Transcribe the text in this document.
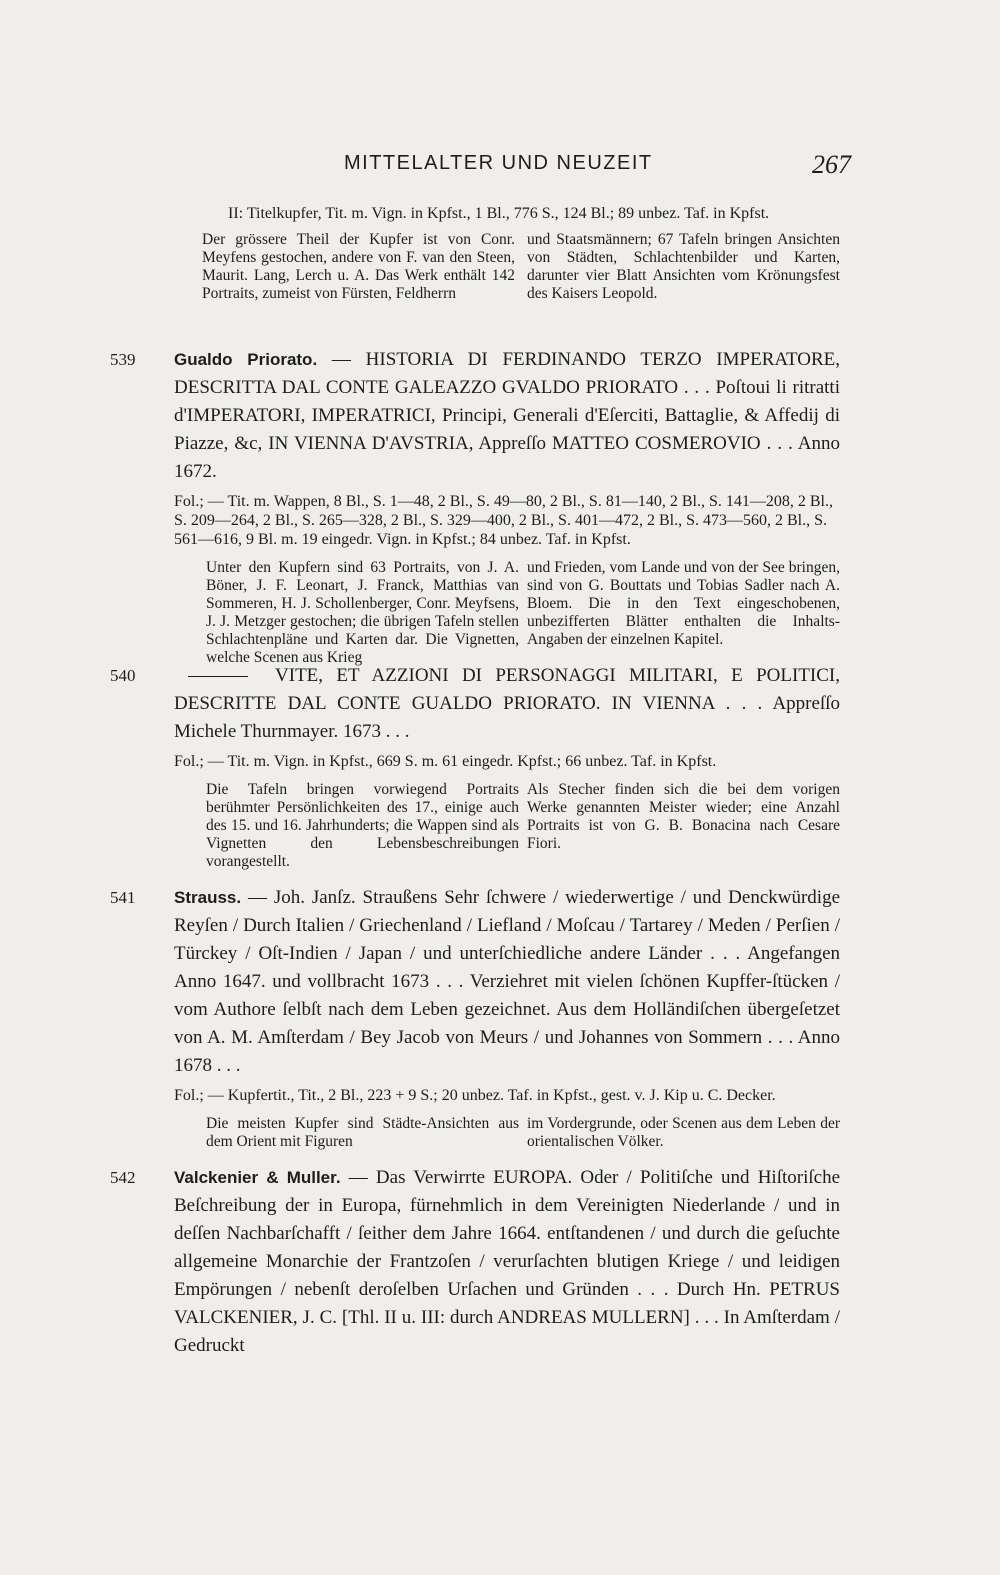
MITTELALTER UND NEUZEIT	267
II: Titelkupfer, Tit. m. Vign. in Kpfst., 1 Bl., 776 S., 124 Bl.; 89 unbez. Taf. in Kpfst.
Der grössere Theil der Kupfer ist von Conr. Meyfens gestochen, andere von F. van den Steen, Maurit. Lang, Lerch u. A. Das Werk enthält 142 Portraits, zumeist von Fürsten, Feldherrn
und Staatsmännern; 67 Tafeln bringen Ansichten von Städten, Schlachtenbilder und Karten, darunter vier Blatt Ansichten vom Krönungsfest des Kaisers Leopold.
539 Gualdo Priorato. — HISTORIA DI FERDINANDO TERZO IMPERATORE, DESCRITTA DAL CONTE GALEAZZO GVALDO PRIORATO . . . Poſtoui li ritratti d'IMPERATORI, IMPERATRICI, Principi, Generali d'Eſerciti, Battaglie, & Affedij di Piazze, &c, IN VIENNA D'AVSTRIA, Appreſſo MATTEO COSMEROVIO . . . Anno 1672.
Fol.; — Tit. m. Wappen, 8 Bl., S. 1—48, 2 Bl., S. 49—80, 2 Bl., S. 81—140, 2 Bl., S. 141—208, 2 Bl., S. 209—264, 2 Bl., S. 265—328, 2 Bl., S. 329—400, 2 Bl., S. 401—472, 2 Bl., S. 473—560, 2 Bl., S. 561—616, 9 Bl. m. 19 eingedr. Vign. in Kpfst.; 84 unbez. Taf. in Kpfst.
Unter den Kupfern sind 63 Portraits, von J. A. Böner, J. F. Leonart, J. Franck, Matthias van Sommeren, H. J. Schollenberger, Conr. Meyfsens, J. J. Metzger gestochen; die übrigen Tafeln stellen Schlachtenpläne und Karten dar. Die Vignetten, welche Scenen aus Krieg
und Frieden, vom Lande und von der See bringen, sind von G. Bouttats und Tobias Sadler nach A. Bloem. Die in den Text eingeschobenen, unbezifferten Blätter enthalten die Inhalts-Angaben der einzelnen Kapitel.
540	VITE, ET AZZIONI DI PERSONAGGI MILITARI, E POLITICI, DESCRITTE DAL CONTE GUALDO PRIORATO. IN VIENNA . . . Appreſſo Michele Thurnmayer. 1673 . . .
Fol.; — Tit. m. Vign. in Kpfst., 669 S. m. 61 eingedr. Kpfst.; 66 unbez. Taf. in Kpfst.
Die Tafeln bringen vorwiegend Portraits berühmter Persönlichkeiten des 17., einige auch des 15. und 16. Jahrhunderts; die Wappen sind als Vignetten den Lebensbeschreibungen vorangestellt.
Als Stecher finden sich die bei dem vorigen Werke genannten Meister wieder; eine Anzahl Portraits ist von G. B. Bonacina nach Cesare Fiori.
541 Strauss. — Joh. Janſz. Straußens Sehr ſchwere / wiederwertige / und Denckwürdige Reyſen / Durch Italien / Griechenland / Liefland / Moſcau / Tartarey / Meden / Perſien / Türckey / Oſt-Indien / Japan / und unterſchiedliche andere Länder . . . Angefangen Anno 1647. und vollbracht 1673 . . . Verziehret mit vielen ſchönen Kupffer-ſtücken / vom Authore ſelbſt nach dem Leben gezeichnet. Aus dem Holländiſchen übergeſetzet von A. M. Amſterdam / Bey Jacob von Meurs / und Johannes von Sommern . . . Anno 1678 . . .
Fol.; — Kupfertit., Tit., 2 Bl., 223 + 9 S.; 20 unbez. Taf. in Kpfst., gest. v. J. Kip u. C. Decker.
Die meisten Kupfer sind Städte-Ansichten aus dem Orient mit Figuren
im Vordergrunde, oder Scenen aus dem Leben der orientalischen Völker.
542 Valckenier & Muller. — Das Verwirrte EUROPA. Oder / Politiſche und Hiſtoriſche Beſchreibung der in Europa, fürnehmlich in dem Vereinigten Niederlande / und in deſſen Nachbarſchafft / ſeither dem Jahre 1664. entſtandenen / und durch die geſuchte allgemeine Monarchie der Frantzoſen / verurſachten blutigen Kriege / und leidigen Empörungen / nebenſt deroſelben Urſachen und Gründen . . . Durch Hn. PETRUS VALCKENIER, J. C. [Thl. II u. III: durch ANDREAS MULLERN] . . . In Amſterdam / Gedruckt
